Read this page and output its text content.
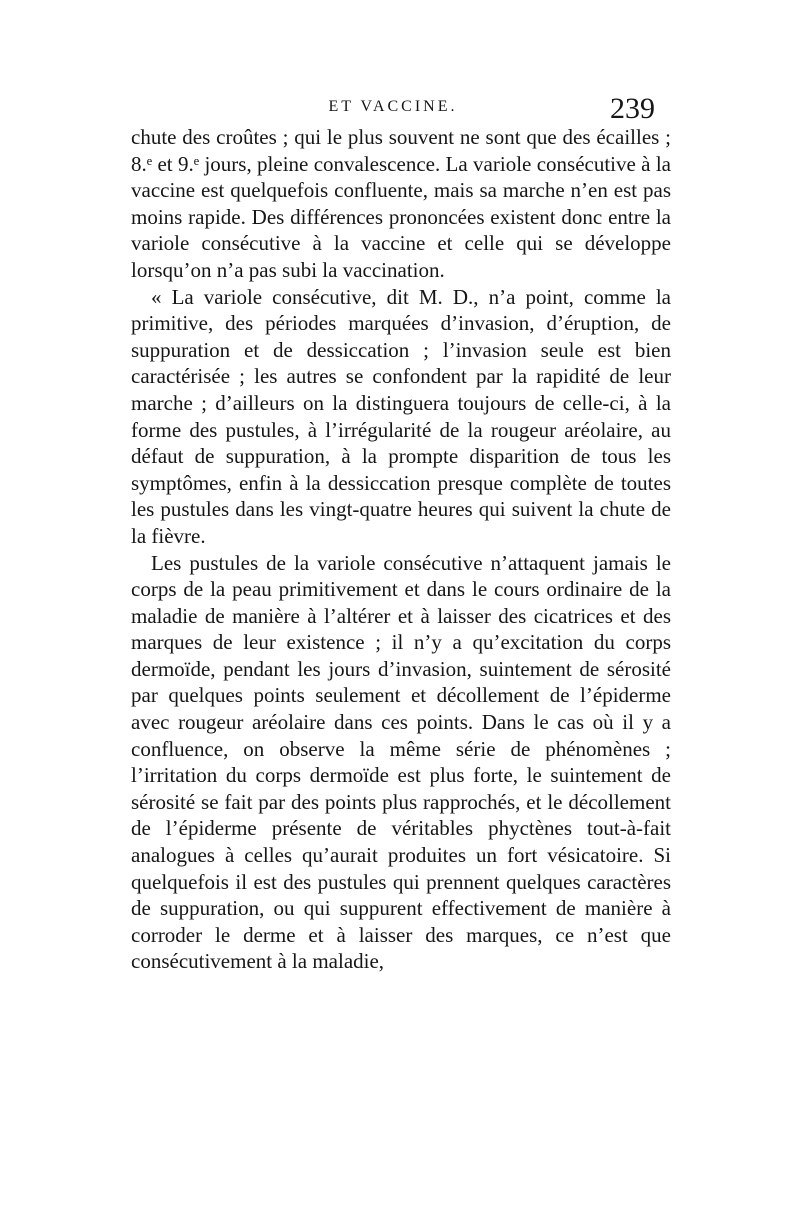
ET VACCINE.	239

chute des croûtes ; qui le plus souvent ne sont que des écailles ; 8.ᵉ et 9.ᵉ jours, pleine convalescence. La variole consécutive à la vaccine est quelquefois confluente, mais sa marche n’en est pas moins rapide. Des différences prononcées existent donc entre la variole consécutive à la vaccine et celle qui se développe lorsqu’on n’a pas subi la vaccination.

« La variole consécutive, dit M. D., n’a point, comme la primitive, des périodes marquées d’invasion, d’éruption, de suppuration et de dessiccation ; l’invasion seule est bien caractérisée ; les autres se confondent par la rapidité de leur marche ; d’ailleurs on la distinguera toujours de celle-ci, à la forme des pustules, à l’irrégularité de la rougeur aréolaire, au défaut de suppuration, à la prompte disparition de tous les symptômes, enfin à la dessiccation presque complète de toutes les pustules dans les vingt-quatre heures qui suivent la chute de la fièvre.

Les pustules de la variole consécutive n’attaquent jamais le corps de la peau primitivement et dans le cours ordinaire de la maladie de manière à l’altérer et à laisser des cicatrices et des marques de leur existence ; il n’y a qu’excitation du corps dermoïde, pendant les jours d’invasion, suintement de sérosité par quelques points seulement et décollement de l’épiderme avec rougeur aréolaire dans ces points. Dans le cas où il y a confluence, on observe la même série de phénomènes ; l’irritation du corps dermoïde est plus forte, le suintement de sérosité se fait par des points plus rapprochés, et le décollement de l’épiderme présente de véritables phyctènes tout-à-fait analogues à celles qu’aurait produites un fort vésicatoire. Si quelquefois il est des pustules qui prennent quelques caractères de suppuration, ou qui suppurent effectivement de manière à corroder le derme et à laisser des marques, ce n’est que consécutivement à la maladie,
